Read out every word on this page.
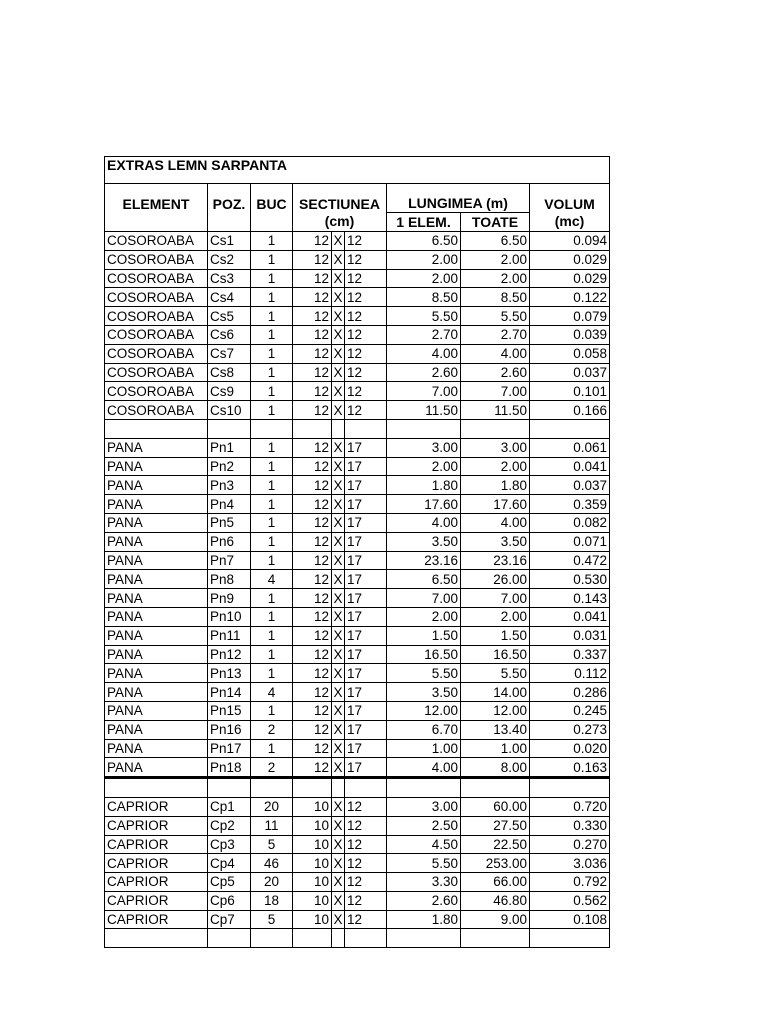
EXTRAS LEMN SARPANTA								
ELEMENT	POZ.	BUC	SECTIUNEA			LUNGIMEA (m)		VOLUM
			(cm)			1 ELEM.	TOATE	(mc)
COSOROABA	Cs1	1	12	X	12	6.50	6.50	0.094
COSOROABA	Cs2	1	12	X	12	2.00	2.00	0.029
COSOROABA	Cs3	1	12	X	12	2.00	2.00	0.029
COSOROABA	Cs4	1	12	X	12	8.50	8.50	0.122
COSOROABA	Cs5	1	12	X	12	5.50	5.50	0.079
COSOROABA	Cs6	1	12	X	12	2.70	2.70	0.039
COSOROABA	Cs7	1	12	X	12	4.00	4.00	0.058
COSOROABA	Cs8	1	12	X	12	2.60	2.60	0.037
COSOROABA	Cs9	1	12	X	12	7.00	7.00	0.101
COSOROABA	Cs10	1	12	X	12	11.50	11.50	0.166

PANA	Pn1	1	12	X	17	3.00	3.00	0.061
PANA	Pn2	1	12	X	17	2.00	2.00	0.041
PANA	Pn3	1	12	X	17	1.80	1.80	0.037
PANA	Pn4	1	12	X	17	17.60	17.60	0.359
PANA	Pn5	1	12	X	17	4.00	4.00	0.082
PANA	Pn6	1	12	X	17	3.50	3.50	0.071
PANA	Pn7	1	12	X	17	23.16	23.16	0.472
PANA	Pn8	4	12	X	17	6.50	26.00	0.530
PANA	Pn9	1	12	X	17	7.00	7.00	0.143
PANA	Pn10	1	12	X	17	2.00	2.00	0.041
PANA	Pn11	1	12	X	17	1.50	1.50	0.031
PANA	Pn12	1	12	X	17	16.50	16.50	0.337
PANA	Pn13	1	12	X	17	5.50	5.50	0.112
PANA	Pn14	4	12	X	17	3.50	14.00	0.286
PANA	Pn15	1	12	X	17	12.00	12.00	0.245
PANA	Pn16	2	12	X	17	6.70	13.40	0.273
PANA	Pn17	1	12	X	17	1.00	1.00	0.020
PANA	Pn18	2	12	X	17	4.00	8.00	0.163

CAPRIOR	Cp1	20	10	X	12	3.00	60.00	0.720
CAPRIOR	Cp2	11	10	X	12	2.50	27.50	0.330
CAPRIOR	Cp3	5	10	X	12	4.50	22.50	0.270
CAPRIOR	Cp4	46	10	X	12	5.50	253.00	3.036
CAPRIOR	Cp5	20	10	X	12	3.30	66.00	0.792
CAPRIOR	Cp6	18	10	X	12	2.60	46.80	0.562
CAPRIOR	Cp7	5	10	X	12	1.80	9.00	0.108
